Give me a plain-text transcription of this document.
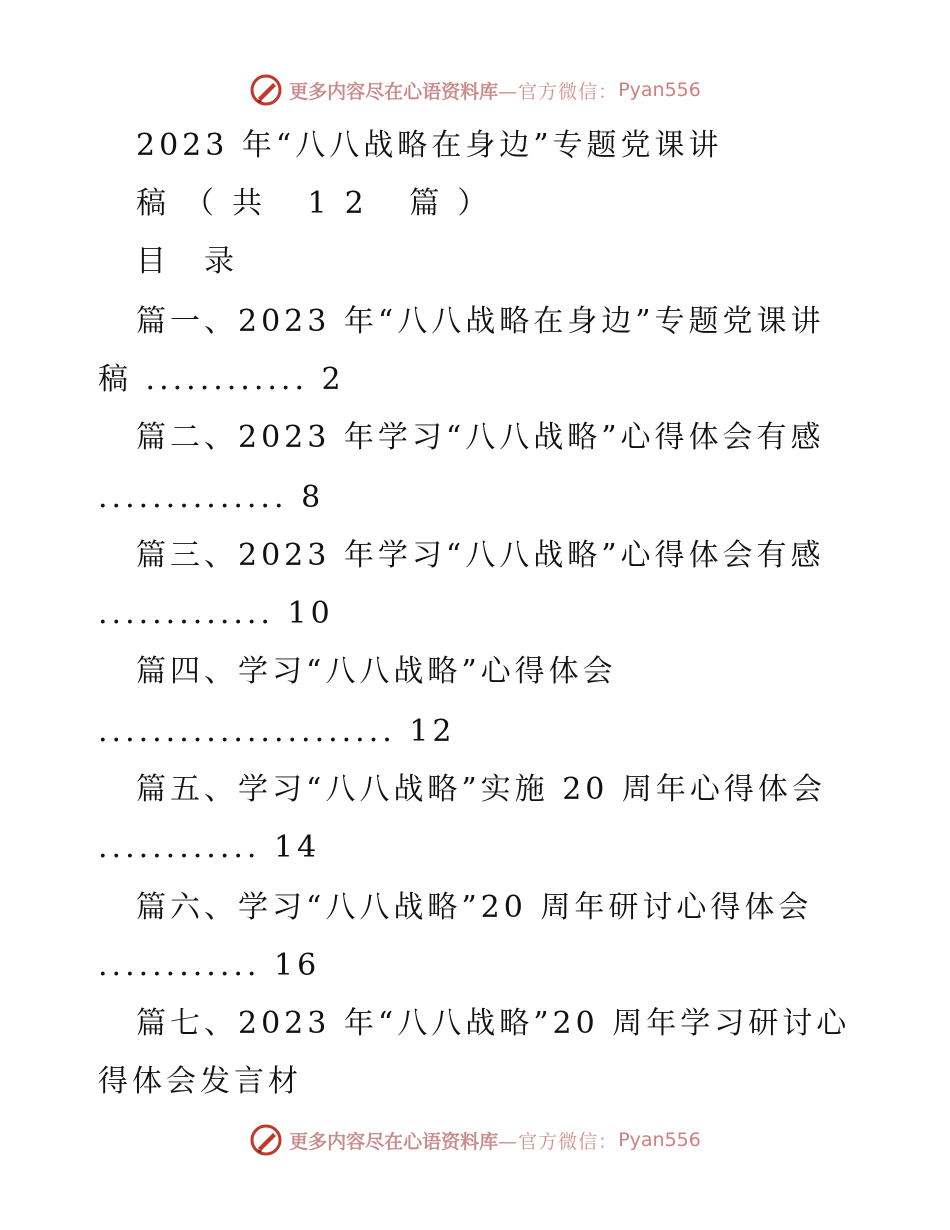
更多内容尽在心语资料库 —官方微信： Pyan556
2023 年“八八战略在身边”专题党课讲
稿（共 12 篇）
目　录
篇一、2023 年“八八战略在身边”专题党课讲
稿 ............ 2
篇二、2023 年学习“八八战略”心得体会有感
.............. 8
篇三、2023 年学习“八八战略”心得体会有感
............. 10
篇四、学习“八八战略”心得体会
...................... 12
篇五、学习“八八战略”实施 20 周年心得体会
............ 14
篇六、学习“八八战略”20 周年研讨心得体会
............ 16
篇七、2023 年“八八战略”20 周年学习研讨心
得体会发言材
更多内容尽在心语资料库 —官方微信： Pyan556
